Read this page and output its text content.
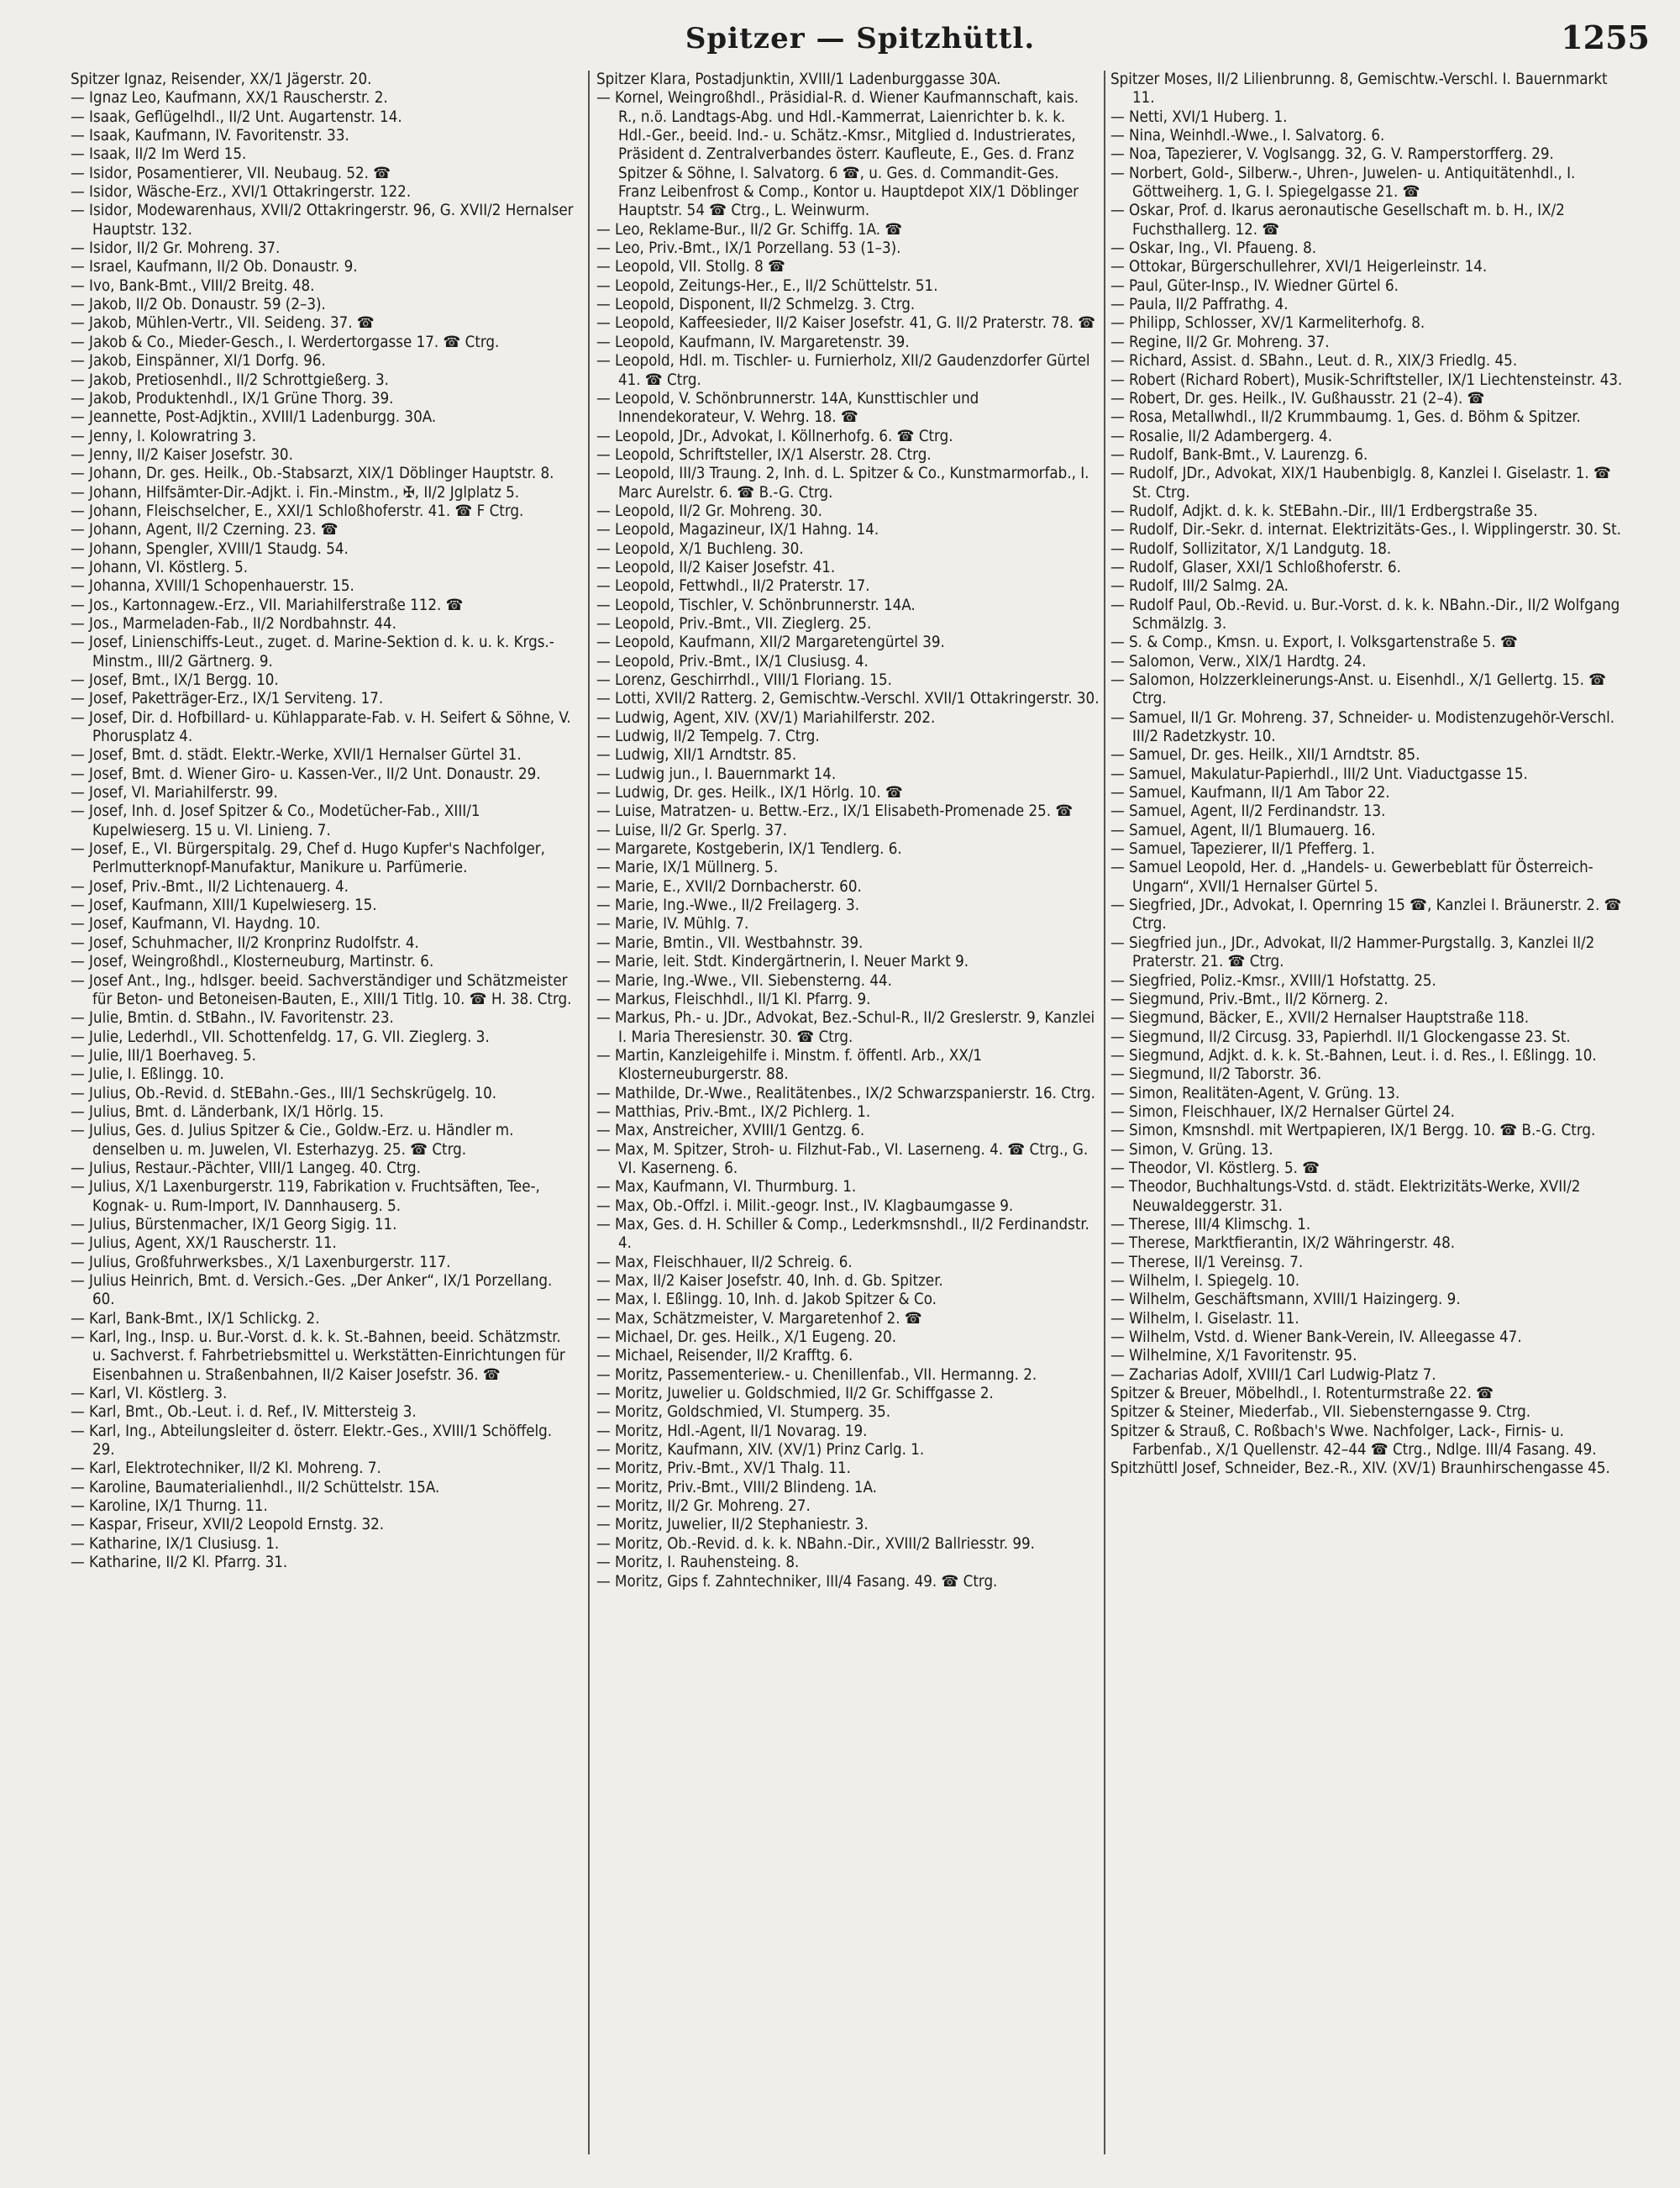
Spitzer — Spitzhüttl.	1255

Spitzer Ignaz, Reisender, XX/1 Jägerstr. 20.

— Ignaz Leo, Kaufmann, XX/1 Rauscherstr. 2.

— Isaak, Geflügelhdl., II/2 Unt. Augartenstr. 14.

— Isaak, Kaufmann, IV. Favoritenstr. 33.

— Isaak, II/2 Im Werd 15.

— Isidor, Posamentierer, VII. Neubaug. 52. ☎

— Isidor, Wäsche-Erz., XVI/1 Ottakringerstr. 122.

— Isidor, Modewarenhaus, XVII/2 Ottakringerstr. 96, G. XVII/2 Hernalser Hauptstr. 132.

— Isidor, II/2 Gr. Mohreng. 37.

— Israel, Kaufmann, II/2 Ob. Donaustr. 9.

— Ivo, Bank-Bmt., VIII/2 Breitg. 48.

— Jakob, II/2 Ob. Donaustr. 59 (2–3).

— Jakob, Mühlen-Vertr., VII. Seideng. 37. ☎

— Jakob & Co., Mieder-Gesch., I. Werdertorgasse 17. ☎ Ctrg.

— Jakob, Einspänner, XI/1 Dorfg. 96.

— Jakob, Pretiosenhdl., II/2 Schrottgießerg. 3.

— Jakob, Produktenhdl., IX/1 Grüne Thorg. 39.

— Jeannette, Post-Adjktin., XVIII/1 Ladenburgg. 30A.

— Jenny, I. Kolowratring 3.

— Jenny, II/2 Kaiser Josefstr. 30.

— Johann, Dr. ges. Heilk., Ob.-Stabsarzt, XIX/1 Döblinger Hauptstr. 8.

— Johann, Hilfsämter-Dir.-Adjkt. i. Fin.-Minstm., ✠, II/2 Jglplatz 5.

— Johann, Fleischselcher, E., XXI/1 Schloßhoferstr. 41. ☎ F Ctrg.

— Johann, Agent, II/2 Czerning. 23. ☎

— Johann, Spengler, XVIII/1 Staudg. 54.

— Johann, VI. Köstlerg. 5.

— Johanna, XVIII/1 Schopenhauerstr. 15.

— Jos., Kartonnagew.-Erz., VII. Mariahilferstraße 112. ☎

— Jos., Marmeladen-Fab., II/2 Nordbahnstr. 44.

— Josef, Linienschiffs-Leut., zuget. d. Marine-Sektion d. k. u. k. Krgs.-Minstm., III/2 Gärtnerg. 9.

— Josef, Bmt., IX/1 Bergg. 10.

— Josef, Paketträger-Erz., IX/1 Serviteng. 17.

— Josef, Dir. d. Hofbillard- u. Kühlapparate-Fab. v. H. Seifert & Söhne, V. Phorusplatz 4.

— Josef, Bmt. d. städt. Elektr.-Werke, XVII/1 Hernalser Gürtel 31.

— Josef, Bmt. d. Wiener Giro- u. Kassen-Ver., II/2 Unt. Donaustr. 29.

— Josef, VI. Mariahilferstr. 99.

— Josef, Inh. d. Josef Spitzer & Co., Modetücher-Fab., XIII/1 Kupelwieserg. 15 u. VI. Linieng. 7.

— Josef, E., VI. Bürgerspitalg. 29, Chef d. Hugo Kupfer's Nachfolger, Perlmutterknopf-Manufaktur, Manikure u. Parfümerie.

— Josef, Priv.-Bmt., II/2 Lichtenauerg. 4.

— Josef, Kaufmann, XIII/1 Kupelwieserg. 15.

— Josef, Kaufmann, VI. Haydng. 10.

— Josef, Schuhmacher, II/2 Kronprinz Rudolfstr. 4.

— Josef, Weingroßhdl., Klosterneuburg, Martinstr. 6.

— Josef Ant., Ing., hdlsger. beeid. Sachverständiger und Schätzmeister für Beton- und Betoneisen-Bauten, E., XIII/1 Titlg. 10. ☎ H. 38. Ctrg.

— Julie, Bmtin. d. StBahn., IV. Favoritenstr. 23.

— Julie, Lederhdl., VII. Schottenfeldg. 17, G. VII. Zieglerg. 3.

— Julie, III/1 Boerhaveg. 5.

— Julie, I. Eßlingg. 10.

— Julius, Ob.-Revid. d. StEBahn.-Ges., III/1 Sechskrügelg. 10.

— Julius, Bmt. d. Länderbank, IX/1 Hörlg. 15.

— Julius, Ges. d. Julius Spitzer & Cie., Goldw.-Erz. u. Händler m. denselben u. m. Juwelen, VI. Esterhazyg. 25. ☎ Ctrg.

— Julius, Restaur.-Pächter, VIII/1 Langeg. 40. Ctrg.

— Julius, X/1 Laxenburgerstr. 119, Fabrikation v. Fruchtsäften, Tee-, Kognak- u. Rum-Import, IV. Dannhauserg. 5.

— Julius, Bürstenmacher, IX/1 Georg Sigig. 11.

— Julius, Agent, XX/1 Rauscherstr. 11.

— Julius, Großfuhrwerksbes., X/1 Laxenburgerstr. 117.

— Julius Heinrich, Bmt. d. Versich.-Ges. „Der Anker“, IX/1 Porzellang. 60.

— Karl, Bank-Bmt., IX/1 Schlickg. 2.

— Karl, Ing., Insp. u. Bur.-Vorst. d. k. k. St.-Bahnen, beeid. Schätzmstr. u. Sachverst. f. Fahrbetriebsmittel u. Werkstätten-Einrichtungen für Eisenbahnen u. Straßenbahnen, II/2 Kaiser Josefstr. 36. ☎

— Karl, VI. Köstlerg. 3.

— Karl, Bmt., Ob.-Leut. i. d. Ref., IV. Mittersteig 3.

— Karl, Ing., Abteilungsleiter d. österr. Elektr.-Ges., XVIII/1 Schöffelg. 29.

— Karl, Elektrotechniker, II/2 Kl. Mohreng. 7.

— Karoline, Baumaterialienhdl., II/2 Schüttelstr. 15A.

— Karoline, IX/1 Thurng. 11.

— Kaspar, Friseur, XVII/2 Leopold Ernstg. 32.

— Katharine, IX/1 Clusiusg. 1.

— Katharine, II/2 Kl. Pfarrg. 31.

Spitzer Klara, Postadjunktin, XVIII/1 Ladenburggasse 30A.

— Kornel, Weingroßhdl., Präsidial-R. d. Wiener Kaufmannschaft, kais. R., n.ö. Landtags-Abg. und Hdl.-Kammerrat, Laienrichter b. k. k. Hdl.-Ger., beeid. Ind.- u. Schätz.-Kmsr., Mitglied d. Industrierates, Präsident d. Zentralverbandes österr. Kaufleute, E., Ges. d. Franz Spitzer & Söhne, I. Salvatorg. 6 ☎, u. Ges. d. Commandit-Ges. Franz Leibenfrost & Comp., Kontor u. Hauptdepot XIX/1 Döblinger Hauptstr. 54 ☎ Ctrg., L. Weinwurm.

— Leo, Reklame-Bur., II/2 Gr. Schiffg. 1A. ☎

— Leo, Priv.-Bmt., IX/1 Porzellang. 53 (1–3).

— Leopold, VII. Stollg. 8 ☎

— Leopold, Zeitungs-Her., E., II/2 Schüttelstr. 51.

— Leopold, Disponent, II/2 Schmelzg. 3. Ctrg.

— Leopold, Kaffeesieder, II/2 Kaiser Josefstr. 41, G. II/2 Praterstr. 78. ☎

— Leopold, Kaufmann, IV. Margaretenstr. 39.

— Leopold, Hdl. m. Tischler- u. Furnierholz, XII/2 Gaudenzdorfer Gürtel 41. ☎ Ctrg.

— Leopold, V. Schönbrunnerstr. 14A, Kunsttischler und Innendekorateur, V. Wehrg. 18. ☎

— Leopold, JDr., Advokat, I. Köllnerhofg. 6. ☎ Ctrg.

— Leopold, Schriftsteller, IX/1 Alserstr. 28. Ctrg.

— Leopold, III/3 Traung. 2, Inh. d. L. Spitzer & Co., Kunstmarmorfab., I. Marc Aurelstr. 6. ☎ B.-G. Ctrg.

— Leopold, II/2 Gr. Mohreng. 30.

— Leopold, Magazineur, IX/1 Hahng. 14.

— Leopold, X/1 Buchleng. 30.

— Leopold, II/2 Kaiser Josefstr. 41.

— Leopold, Fettwhdl., II/2 Praterstr. 17.

— Leopold, Tischler, V. Schönbrunnerstr. 14A.

— Leopold, Priv.-Bmt., VII. Zieglerg. 25.

— Leopold, Kaufmann, XII/2 Margaretengürtel 39.

— Leopold, Priv.-Bmt., IX/1 Clusiusg. 4.

— Lorenz, Geschirrhdl., VIII/1 Floriang. 15.

— Lotti, XVII/2 Ratterg. 2, Gemischtw.-Verschl. XVII/1 Ottakringerstr. 30.

— Ludwig, Agent, XIV. (XV/1) Mariahilferstr. 202.

— Ludwig, II/2 Tempelg. 7. Ctrg.

— Ludwig, XII/1 Arndtstr. 85.

— Ludwig jun., I. Bauernmarkt 14.

— Ludwig, Dr. ges. Heilk., IX/1 Hörlg. 10. ☎

— Luise, Matratzen- u. Bettw.-Erz., IX/1 Elisabeth-Promenade 25. ☎

— Luise, II/2 Gr. Sperlg. 37.

— Margarete, Kostgeberin, IX/1 Tendlerg. 6.

— Marie, IX/1 Müllnerg. 5.

— Marie, E., XVII/2 Dornbacherstr. 60.

— Marie, Ing.-Wwe., II/2 Freilagerg. 3.

— Marie, IV. Mühlg. 7.

— Marie, Bmtin., VII. Westbahnstr. 39.

— Marie, leit. Stdt. Kindergärtnerin, I. Neuer Markt 9.

— Marie, Ing.-Wwe., VII. Siebensterng. 44.

— Markus, Fleischhdl., II/1 Kl. Pfarrg. 9.

— Markus, Ph.- u. JDr., Advokat, Bez.-Schul-R., II/2 Greslerstr. 9, Kanzlei I. Maria Theresienstr. 30. ☎ Ctrg.

— Martin, Kanzleigehilfe i. Minstm. f. öffentl. Arb., XX/1 Klosterneuburgerstr. 88.

— Mathilde, Dr.-Wwe., Realitätenbes., IX/2 Schwarzspanierstr. 16. Ctrg.

— Matthias, Priv.-Bmt., IX/2 Pichlerg. 1.

— Max, Anstreicher, XVIII/1 Gentzg. 6.

— Max, M. Spitzer, Stroh- u. Filzhut-Fab., VI. Laserneng. 4. ☎ Ctrg., G. VI. Kaserneng. 6.

— Max, Kaufmann, VI. Thurmburg. 1.

— Max, Ob.-Offzl. i. Milit.-geogr. Inst., IV. Klagbaumgasse 9.

— Max, Ges. d. H. Schiller & Comp., Lederkmsnshdl., II/2 Ferdinandstr. 4.

— Max, Fleischhauer, II/2 Schreig. 6.

— Max, II/2 Kaiser Josefstr. 40, Inh. d. Gb. Spitzer.

— Max, I. Eßlingg. 10, Inh. d. Jakob Spitzer & Co.

— Max, Schätzmeister, V. Margaretenhof 2. ☎

— Michael, Dr. ges. Heilk., X/1 Eugeng. 20.

— Michael, Reisender, II/2 Krafftg. 6.

— Moritz, Passementeriew.- u. Chenillenfab., VII. Hermanng. 2.

— Moritz, Juwelier u. Goldschmied, II/2 Gr. Schiffgasse 2.

— Moritz, Goldschmied, VI. Stumperg. 35.

— Moritz, Hdl.-Agent, II/1 Novarag. 19.

— Moritz, Kaufmann, XIV. (XV/1) Prinz Carlg. 1.

— Moritz, Priv.-Bmt., XV/1 Thalg. 11.

— Moritz, Priv.-Bmt., VIII/2 Blindeng. 1A.

— Moritz, II/2 Gr. Mohreng. 27.

— Moritz, Juwelier, II/2 Stephaniestr. 3.

— Moritz, Ob.-Revid. d. k. k. NBahn.-Dir., XVIII/2 Ballriesstr. 99.

— Moritz, I. Rauhensteing. 8.

— Moritz, Gips f. Zahntechniker, III/4 Fasang. 49. ☎ Ctrg.

Spitzer Moses, II/2 Lilienbrunng. 8, Gemischtw.-Verschl. I. Bauernmarkt 11.

— Netti, XVI/1 Huberg. 1.

— Nina, Weinhdl.-Wwe., I. Salvatorg. 6.

— Noa, Tapezierer, V. Voglsangg. 32, G. V. Ramperstorfferg. 29.

— Norbert, Gold-, Silberw.-, Uhren-, Juwelen- u. Antiquitätenhdl., I. Göttweiherg. 1, G. I. Spiegelgasse 21. ☎

— Oskar, Prof. d. Ikarus aeronautische Gesellschaft m. b. H., IX/2 Fuchsthallerg. 12. ☎

— Oskar, Ing., VI. Pfaueng. 8.

— Ottokar, Bürgerschullehrer, XVI/1 Heigerleinstr. 14.

— Paul, Güter-Insp., IV. Wiedner Gürtel 6.

— Paula, II/2 Paffrathg. 4.

— Philipp, Schlosser, XV/1 Karmeliterhofg. 8.

— Regine, II/2 Gr. Mohreng. 37.

— Richard, Assist. d. SBahn., Leut. d. R., XIX/3 Friedlg. 45.

— Robert (Richard Robert), Musik-Schriftsteller, IX/1 Liechtensteinstr. 43.

— Robert, Dr. ges. Heilk., IV. Gußhausstr. 21 (2–4). ☎

— Rosa, Metallwhdl., II/2 Krummbaumg. 1, Ges. d. Böhm & Spitzer.

— Rosalie, II/2 Adambergerg. 4.

— Rudolf, Bank-Bmt., V. Laurenzg. 6.

— Rudolf, JDr., Advokat, XIX/1 Haubenbiglg. 8, Kanzlei I. Giselastr. 1. ☎ St. Ctrg.

— Rudolf, Adjkt. d. k. k. StEBahn.-Dir., III/1 Erdbergstraße 35.

— Rudolf, Dir.-Sekr. d. internat. Elektrizitäts-Ges., I. Wipplingerstr. 30. St.

— Rudolf, Sollizitator, X/1 Landgutg. 18.

— Rudolf, Glaser, XXI/1 Schloßhoferstr. 6.

— Rudolf, III/2 Salmg. 2A.

— Rudolf Paul, Ob.-Revid. u. Bur.-Vorst. d. k. k. NBahn.-Dir., II/2 Wolfgang Schmälzlg. 3.

— S. & Comp., Kmsn. u. Export, I. Volksgartenstraße 5. ☎

— Salomon, Verw., XIX/1 Hardtg. 24.

— Salomon, Holzzerkleinerungs-Anst. u. Eisenhdl., X/1 Gellertg. 15. ☎ Ctrg.

— Samuel, II/1 Gr. Mohreng. 37, Schneider- u. Modistenzugehör-Verschl. III/2 Radetzkystr. 10.

— Samuel, Dr. ges. Heilk., XII/1 Arndtstr. 85.

— Samuel, Makulatur-Papierhdl., III/2 Unt. Viaductgasse 15.

— Samuel, Kaufmann, II/1 Am Tabor 22.

— Samuel, Agent, II/2 Ferdinandstr. 13.

— Samuel, Agent, II/1 Blumauerg. 16.

— Samuel, Tapezierer, II/1 Pfefferg. 1.

— Samuel Leopold, Her. d. „Handels- u. Gewerbeblatt für Österreich-Ungarn“, XVII/1 Hernalser Gürtel 5.

— Siegfried, JDr., Advokat, I. Opernring 15 ☎, Kanzlei I. Bräunerstr. 2. ☎ Ctrg.

— Siegfried jun., JDr., Advokat, II/2 Hammer-Purgstallg. 3, Kanzlei II/2 Praterstr. 21. ☎ Ctrg.

— Siegfried, Poliz.-Kmsr., XVIII/1 Hofstattg. 25.

— Siegmund, Priv.-Bmt., II/2 Körnerg. 2.

— Siegmund, Bäcker, E., XVII/2 Hernalser Hauptstraße 118.

— Siegmund, II/2 Circusg. 33, Papierhdl. II/1 Glockengasse 23. St.

— Siegmund, Adjkt. d. k. k. St.-Bahnen, Leut. i. d. Res., I. Eßlingg. 10.

— Siegmund, II/2 Taborstr. 36.

— Simon, Realitäten-Agent, V. Grüng. 13.

— Simon, Fleischhauer, IX/2 Hernalser Gürtel 24.

— Simon, Kmsnshdl. mit Wertpapieren, IX/1 Bergg. 10. ☎ B.-G. Ctrg.

— Simon, V. Grüng. 13.

— Theodor, VI. Köstlerg. 5. ☎

— Theodor, Buchhaltungs-Vstd. d. städt. Elektrizitäts-Werke, XVII/2 Neuwaldeggerstr. 31.

— Therese, III/4 Klimschg. 1.

— Therese, Marktfierantin, IX/2 Währingerstr. 48.

— Therese, II/1 Vereinsg. 7.

— Wilhelm, I. Spiegelg. 10.

— Wilhelm, Geschäftsmann, XVIII/1 Haizingerg. 9.

— Wilhelm, I. Giselastr. 11.

— Wilhelm, Vstd. d. Wiener Bank-Verein, IV. Alleegasse 47.

— Wilhelmine, X/1 Favoritenstr. 95.

— Zacharias Adolf, XVIII/1 Carl Ludwig-Platz 7.

Spitzer & Breuer, Möbelhdl., I. Rotenturmstraße 22. ☎

Spitzer & Steiner, Miederfab., VII. Siebensterngasse 9. Ctrg.

Spitzer & Strauß, C. Roßbach's Wwe. Nachfolger, Lack-, Firnis- u. Farbenfab., X/1 Quellenstr. 42–44 ☎ Ctrg., Ndlge. III/4 Fasang. 49.

Spitzhüttl Josef, Schneider, Bez.-R., XIV. (XV/1) Braunhirschengasse 45.
